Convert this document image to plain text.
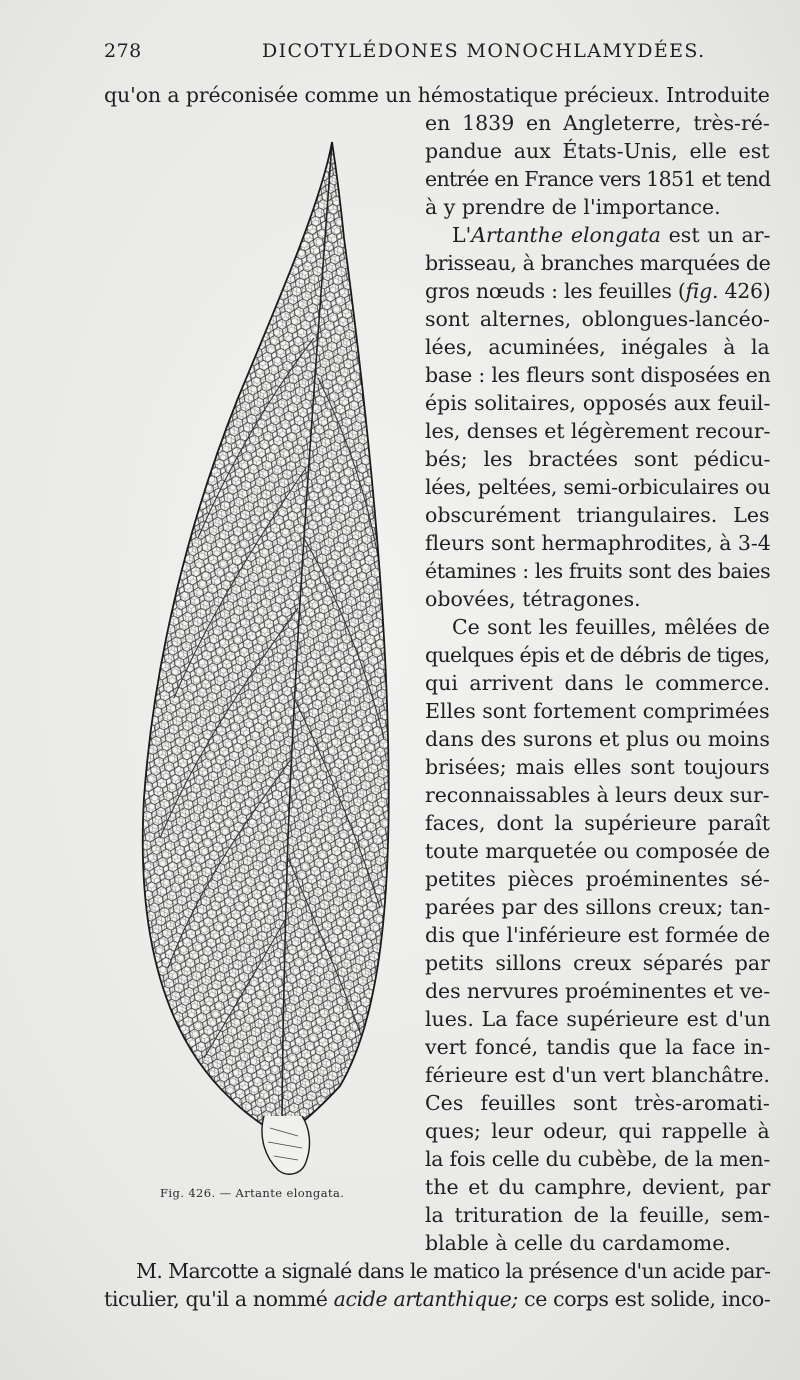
278	DICOTYLÉDONES MONOCHLAMYDÉES.
Fig. 426. — Artante elongata.
qu'on a préconisée comme un hémostatique précieux. Introduite
en 1839 en Angleterre, très-ré-
pandue aux États-Unis, elle est
entrée en France vers 1851 et tend
à y prendre de l'importance.
L'Artanthe elongata est un ar-
brisseau, à branches marquées de
gros nœuds : les feuilles (fig. 426)
sont alternes, oblongues-lancéo-
lées, acuminées, inégales à la
base : les fleurs sont disposées en
épis solitaires, opposés aux feuil-
les, denses et légèrement recour-
bés; les bractées sont pédicu-
lées, peltées, semi-orbiculaires ou
obscurément triangulaires. Les
fleurs sont hermaphrodites, à 3-4
étamines : les fruits sont des baies
obovées, tétragones.
Ce sont les feuilles, mêlées de
quelques épis et de débris de tiges,
qui arrivent dans le commerce.
Elles sont fortement comprimées
dans des surons et plus ou moins
brisées; mais elles sont toujours
reconnaissables à leurs deux sur-
faces, dont la supérieure paraît
toute marquetée ou composée de
petites pièces proéminentes sé-
parées par des sillons creux; tan-
dis que l'inférieure est formée de
petits sillons creux séparés par
des nervures proéminentes et ve-
lues. La face supérieure est d'un
vert foncé, tandis que la face in-
férieure est d'un vert blanchâtre.
Ces feuilles sont très-aromati-
ques; leur odeur, qui rappelle à
la fois celle du cubèbe, de la men-
the et du camphre, devient, par
la trituration de la feuille, sem-
blable à celle du cardamome.
M. Marcotte a signalé dans le matico la présence d'un acide par-
ticulier, qu'il a nommé acide artanthique; ce corps est solide, inco-
